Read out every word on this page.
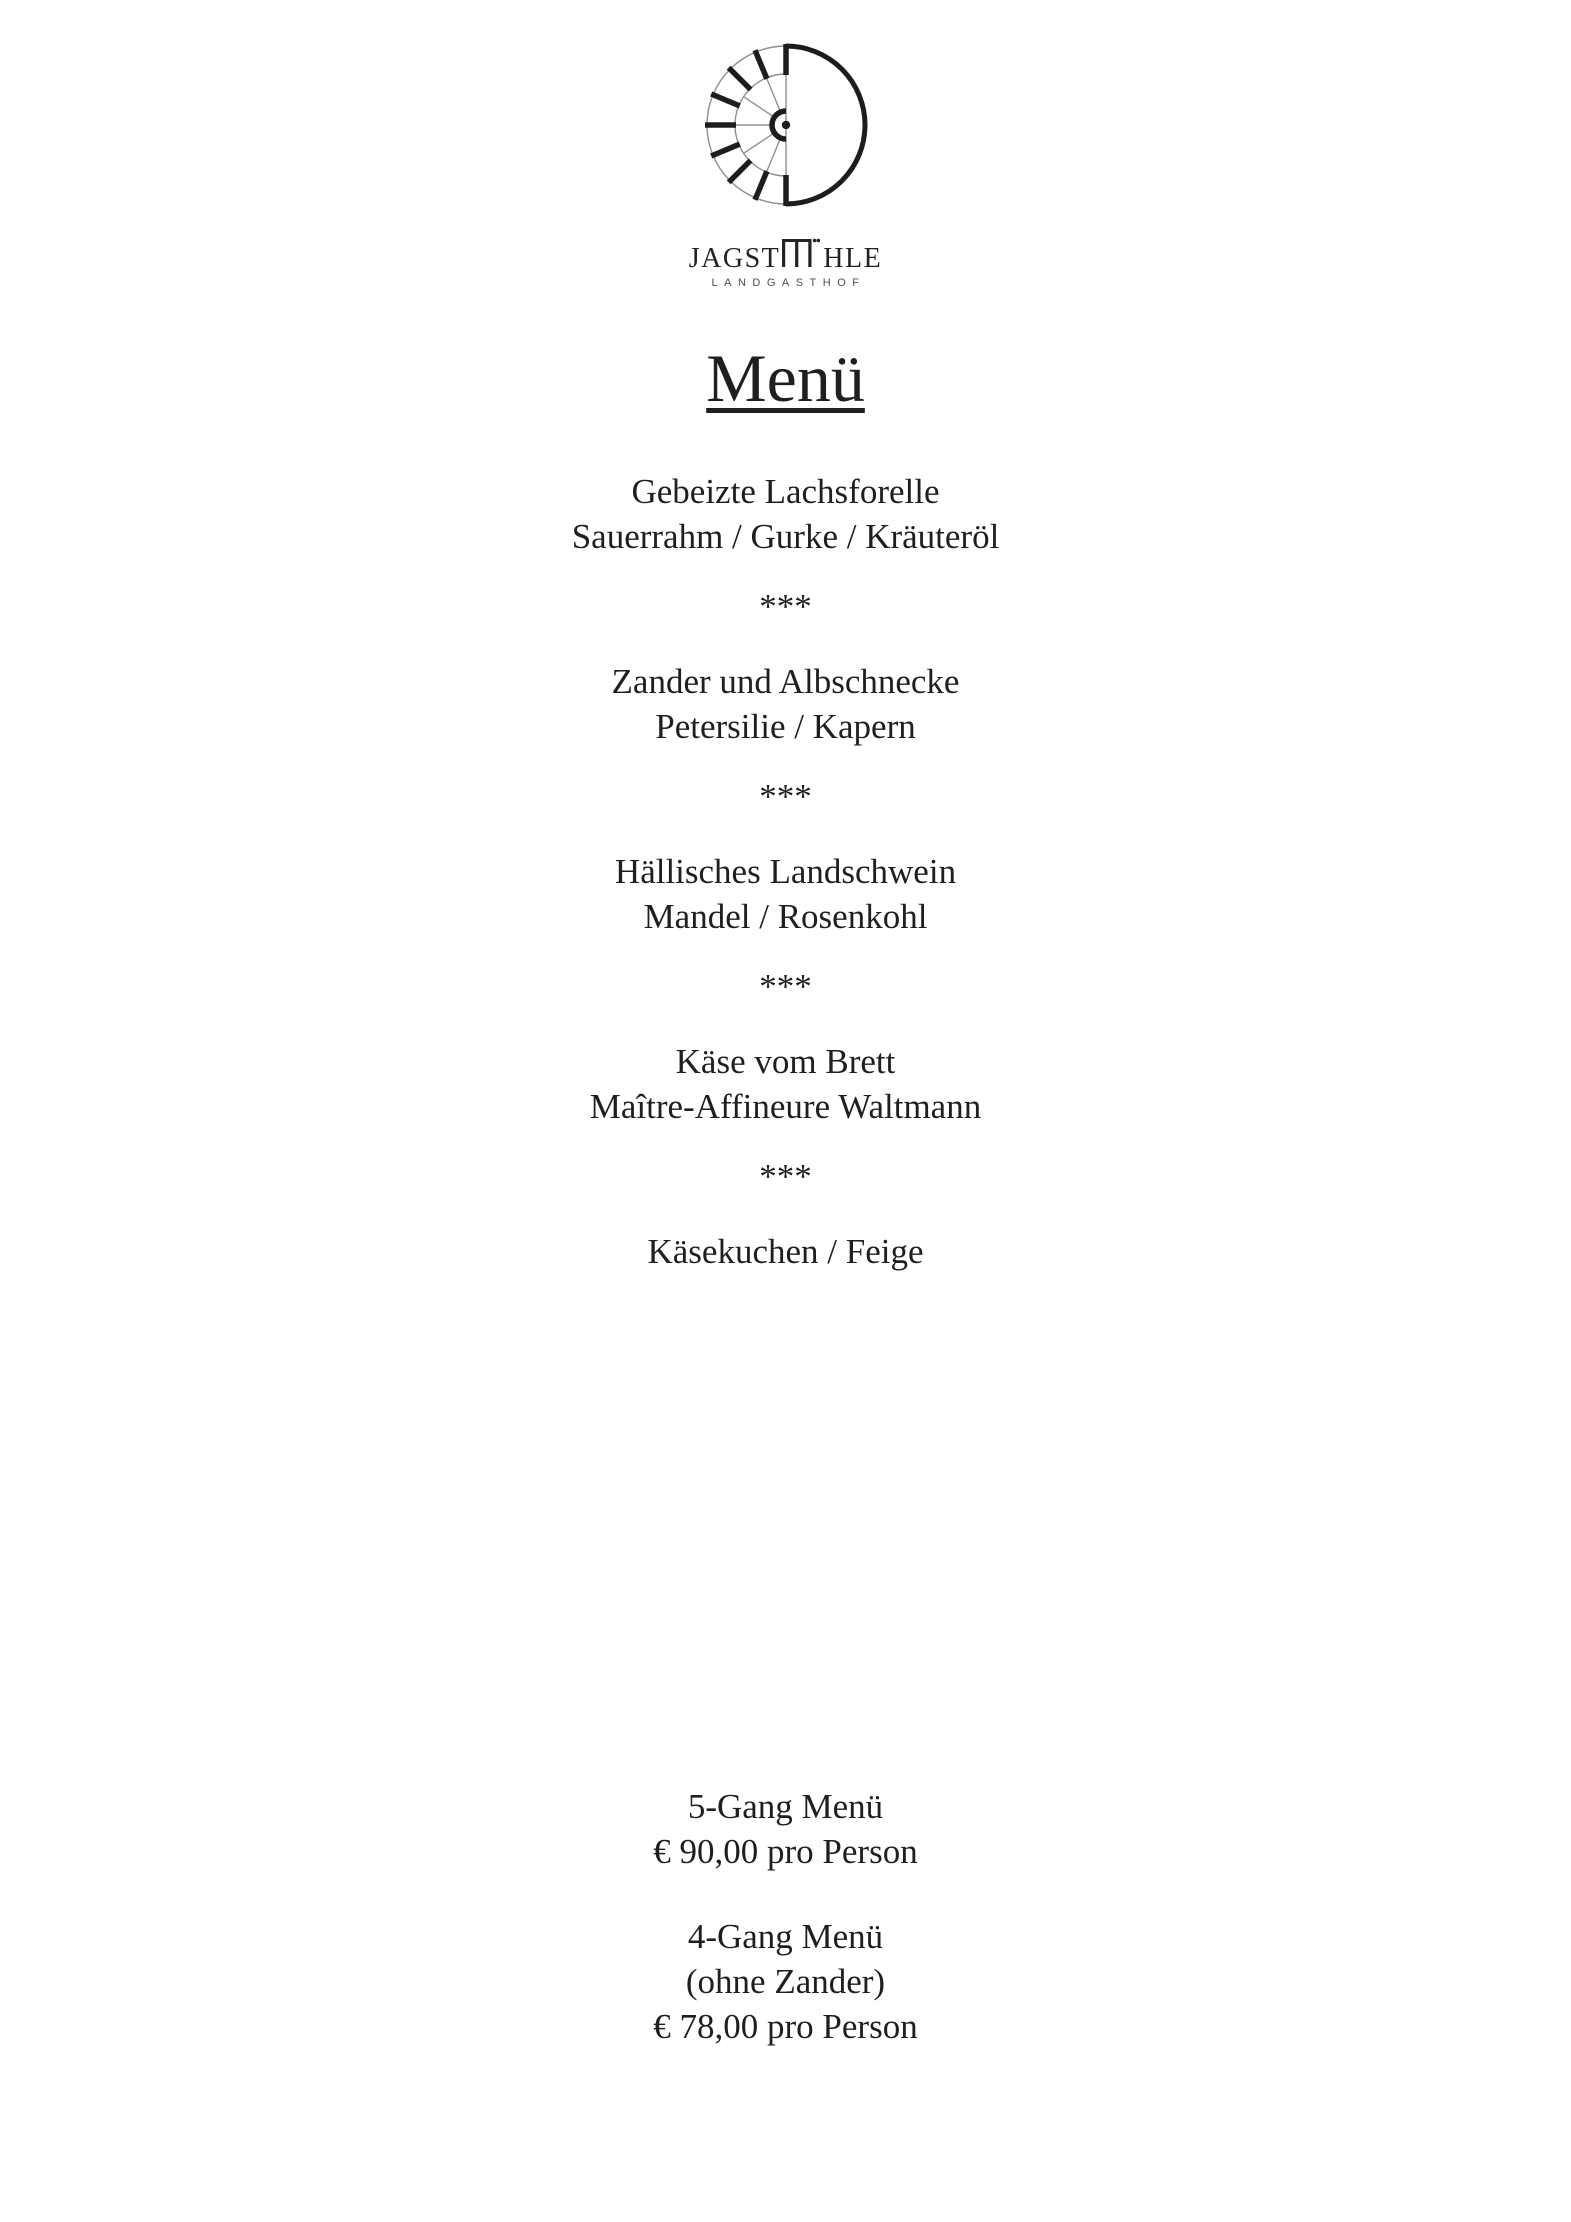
JAGST HLE
LANDGASTHOF
Menü
Gebeizte Lachsforelle
Sauerrahm / Gurke / Kräuteröl
***
Zander und Albschnecke
Petersilie / Kapern
***
Hällisches Landschwein
Mandel / Rosenkohl
***
Käse vom Brett
Maître-Affineure Waltmann
***
Käsekuchen / Feige
5-Gang Menü
€ 90,00 pro Person
4-Gang Menü
(ohne Zander)
€ 78,00 pro Person
